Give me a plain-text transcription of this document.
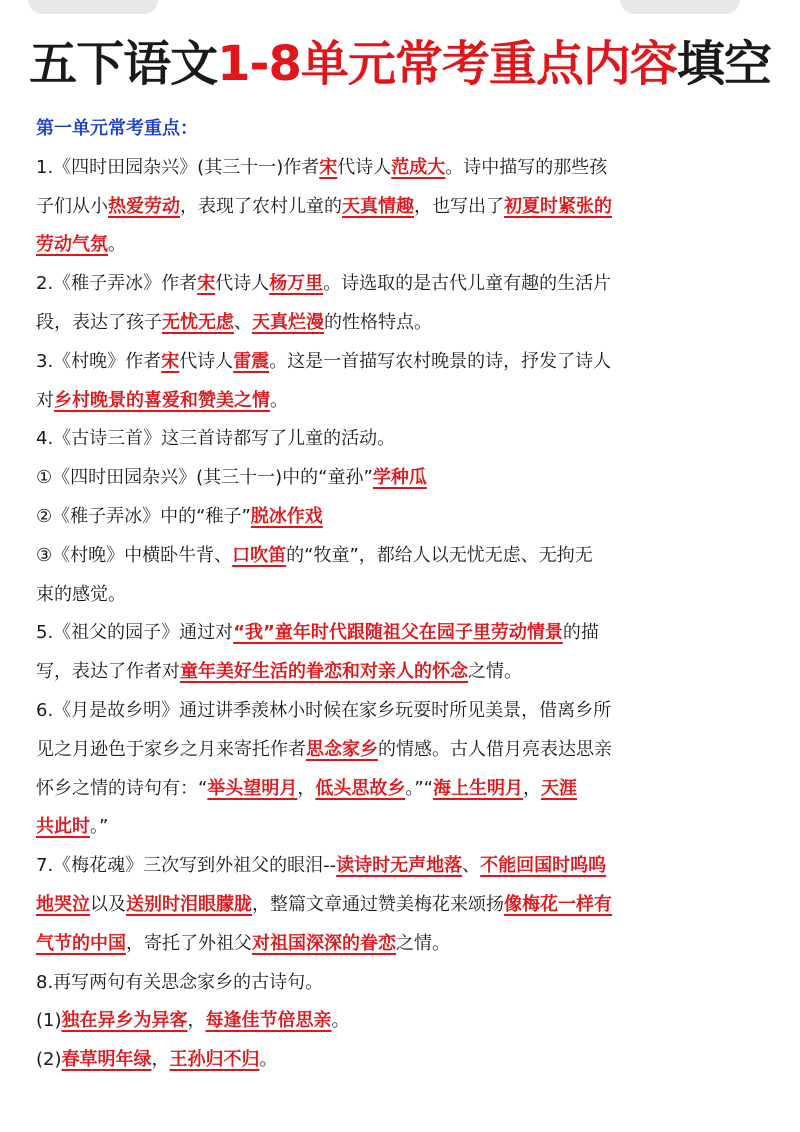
五下语文1-8单元常考重点内容填空
第一单元常考重点：
1.《四时田园杂兴》(其三十一)作者宋代诗人范成大。诗中描写的那些孩
子们从小热爱劳动，表现了农村儿童的天真情趣，也写出了初夏时紧张的
劳动气氛。
2.《稚子弄冰》作者宋代诗人杨万里。诗选取的是古代儿童有趣的生活片
段，表达了孩子无忧无虑、天真烂漫的性格特点。
3.《村晚》作者宋代诗人雷震。这是一首描写农村晚景的诗，抒发了诗人
对乡村晚景的喜爱和赞美之情。
4.《古诗三首》这三首诗都写了儿童的活动。
①《四时田园杂兴》(其三十一)中的“童孙”学种瓜
②《稚子弄冰》中的“稚子”脱冰作戏
③《村晚》中横卧牛背、口吹笛的“牧童”，都给人以无忧无虑、无拘无
束的感觉。
5.《祖父的园子》通过对“我”童年时代跟随祖父在园子里劳动情景的描
写，表达了作者对童年美好生活的眷恋和对亲人的怀念之情。
6.《月是故乡明》通过讲季羡林小时候在家乡玩耍时所见美景，借离乡所
见之月逊色于家乡之月来寄托作者思念家乡的情感。古人借月亮表达思亲
怀乡之情的诗句有：“举头望明月，低头思故乡。”“海上生明月，天涯
共此时。”
7.《梅花魂》三次写到外祖父的眼泪--读诗时无声地落、不能回国时呜呜
地哭泣以及送别时泪眼朦胧，整篇文章通过赞美梅花来颂扬像梅花一样有
气节的中国，寄托了外祖父对祖国深深的眷恋之情。
8.再写两句有关思念家乡的古诗句。
(1)独在异乡为异客，每逢佳节倍思亲。
(2)春草明年绿，王孙归不归。
